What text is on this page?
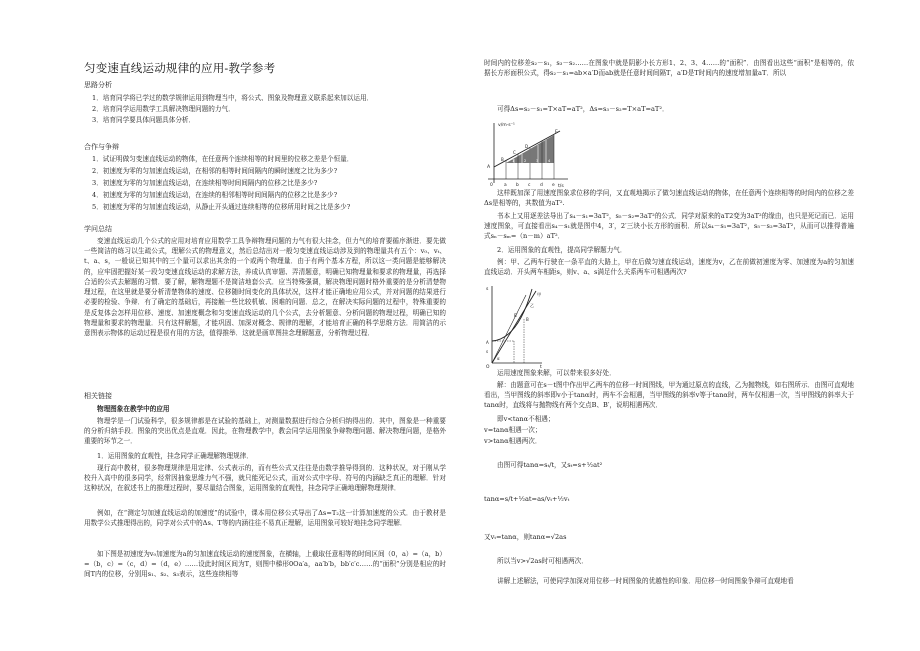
匀变速直线运动规律的应用-教学参考

思路分析

1．培育同学将已学过的数学规律运用到物理当中，将公式、图象及物理意义联系起来加以运用．

2．培育同学运用数学工具解决物理问题的力气．

3．培育同学要具体问题具体分析．

合作与争辩

1．试证明做匀变速直线运动的物体，在任意两个连续相等的时间里的位移之差是个恒量．

2．初速度为零的匀加速直线运动，在相邻的相等时间间隔内的瞬时速度之比为多少?

3．初速度为零的匀加速直线运动，在连续相等时间间隔内的位移之比是多少?

4．初速度为零的匀加速直线运动，在连续的相邻相等时间间隔内的位移之比是多少?

5．初速度为零的匀加速直线运动，从静止开头通过连续相等的位移所用时间之比是多少?

学问总结

变速直线运动几个公式的应用对培育应用数学工具争辩物理问题的力气有很大挂念，但力气的培育要循序渐进．要先做一些简洁的练习以生疏公式，理解公式的物理意义，然后总结出对一般匀变速直线运动涉及到的物理量共有五个：v₀、vₜ、t、a、s，一般说已知其中的三个量可以求出其余的一个或两个物理量．由于有两个基本方程，所以这一类问题是能够解决的，应牢固把握好某一段匀变速直线运动的求解方法，养成认真审题、弄清题意，明确已知物理量和要求的物理量，再选择合适的公式去解题的习惯．要了解，解物理题不是简洁地套公式．应当特殊强调，解决物理问题时格外重要的是分析清楚物理过程，在这里就是要分析清楚物体的速度、位移随时间变化的具体状况，这样才能正确地应用公式，并对问题的结果进行必要的检验、争辩．有了确定的基础后，再接触一些比较机敏、困难的问题．总之，在解决实际问题的过程中，特殊重要的是反复体会怎样用位移、速度、加速度概念和匀变速直线运动的几个公式，去分析题意、分析问题的物理过程，明确已知的物理量和要求的物理量．只有这样解题，才能巩固、加深对概念、规律的理解，才能培育正确的科学思维方法．用简洁的示意图表示物体的运动过程是很有用的方法，值得推举．这就是画草图挂念理解题意，分析物理过程．

相关链接

物理图象在教学中的应用

物理学是一门试验科学，很多规律都是在试验的基础上，对测量数据进行综合分析归纳得出的．其中，图象是一种重要的分析归纳手段．图象的突出优点是直观．因此，在物理教学中，教会同学运用图象争辩物理问题、解决物理问题，是格外重要的环节之一．

1．运用图象的直观性，挂念同学正确理解物理规律．

现行高中教材，很多物理规律是用定律、公式表示的，而有些公式又往往是由数学推导得到的．这种状况，对于刚从学校升入高中的很多同学，经常因抽象思维力气不强，就只能死记公式，而对公式中字母、符号的内涵缺乏真正的理解．针对这种状况，在叙述书上的推理过程时，要尽量结合图象，运用图象的直观性，挂念同学正确地理解物理规律．

例如，在“测定匀加速直线运动的加速度”的试验中，课本用位移公式导出了Δs=T₂这一计算加速度的公式．由于教材是用数学公式推理得出的，同学对公式中的Δs、T等的内涵往往不易真正理解，运用图象可较好地挂念同学理解．

如下图是初速度为v₀加速度为a的匀加速直线运动的速度图象，在横轴，上截取任意相等的时间区间（0，a）=（a，b）=（b，c）=（c，d）=（d，e）……设此时间区间为T，则图中梯形0Oa′a，aa′b′b，bb′c′c……的“面积”分别是相应的时间T内的位移，分别用s₁、s₂、s₃表示，这些连续相等

时间内的位移差s₂－s₁，s₃－s₂……在图象中就是阴影小长方形1、2、3、4……的“面积”．由图看出这些“面积”是相等的，依据长方形面积公式，得s₂－s₁=ab×a′D而ab就是任意时间间隔T，a′D是T时间内的速度增加量aT．所以

可得Δs=s₂－s₁=T×aT=aT²，Δs=s₃－s₂=T×aT=aT²．

v/m·s⁻¹
t/s
A
B
C
D
E
0	a b c d e
1	2	3	4

这样既加深了用速度图象求位移的学问，又直观地揭示了做匀速直线运动的物体，在任意两个连续相等的时间内的位移之差Δs是相等的，其数值为aT².

书本上又用逐差法导出了s₄－s₁=3aT²，s₅－s₂=3aT²的公式．同学对原来的aT2变为3aT²的缘由，也只是死记而已．运用速度图象，可直接看出s₄－s₁就是图中4，3′，2′三块小长方形的面积．所以s₄－s₁=3aT²，s₅－s₂=3aT²，从而可以推得普遍式sₙ－sₘ=（n－m）aT²．

2．运用图象的直观性，提高同学解题力气．

例：甲、乙两车行驶在一条平直的大路上，甲在后做匀速直线运动，速度为v，乙在前做初速度为零、加速度为a的匀加速直线运动．开头两车相距s，则v、a、s满足什么关系两车可相遇两次?

s
t
甲
乙
B′
B
A
O
α
s

运用速度图象来解，可以带来很多好处．

解：由题意可在s－t图中作出甲乙两车的位移一时间图线，甲为通过原点的直线，乙为抛物线，如右图所示．由图可直观地看出，当甲图线的斜率即v小于tanα时，两车不会相遇，当甲图线的斜率v等于tanα时，两车仅相遇一次，当甲图线的斜率大于tanα时，直线将与抛物线有两个交点B、B′，说明相遇两次．

即v<tanα不相遇；

v=tanα相遇一次；

v>tanα相遇两次．

由图可得tanα=sₜ/t，又sₜ=s+½at²

tanα=s/t+½at=as/vₜ+½vₜ

又vₜ=tanα，则tanα=√2as

所以当v>√2as时可相遇两次．

讲解上述解法，可使同学加深对用位移一时间图象的优越性的印象．用位移一时间图象争辩可直观地看
